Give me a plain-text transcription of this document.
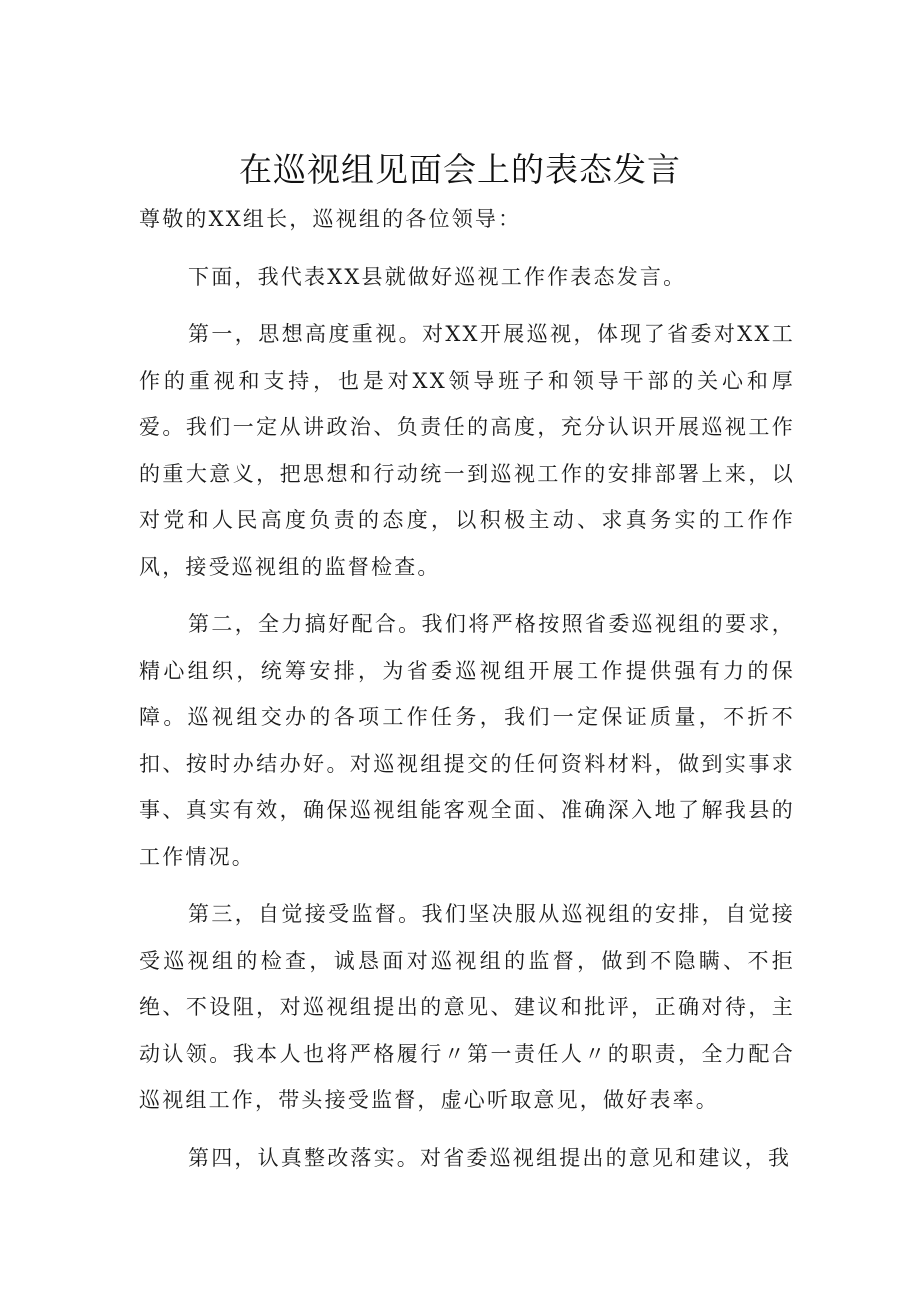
在巡视组见面会上的表态发言

尊敬的XX组长，巡视组的各位领导：

下面，我代表XX县就做好巡视工作作表态发言。

第一，思想高度重视。对XX开展巡视，体现了省委对XX工作的重视和支持，也是对XX领导班子和领导干部的关心和厚爱。我们一定从讲政治、负责任的高度，充分认识开展巡视工作的重大意义，把思想和行动统一到巡视工作的安排部署上来，以对党和人民高度负责的态度，以积极主动、求真务实的工作作风，接受巡视组的监督检查。

第二，全力搞好配合。我们将严格按照省委巡视组的要求，精心组织，统筹安排，为省委巡视组开展工作提供强有力的保障。巡视组交办的各项工作任务，我们一定保证质量，不折不扣、按时办结办好。对巡视组提交的任何资料材料，做到实事求事、真实有效，确保巡视组能客观全面、准确深入地了解我县的工作情况。

第三，自觉接受监督。我们坚决服从巡视组的安排，自觉接受巡视组的检查，诚恳面对巡视组的监督，做到不隐瞒、不拒绝、不设阻，对巡视组提出的意见、建议和批评，正确对待，主动认领。我本人也将严格履行〃第一责任人〃的职责，全力配合巡视组工作，带头接受监督，虚心听取意见，做好表率。

第四，认真整改落实。对省委巡视组提出的意见和建议，我
